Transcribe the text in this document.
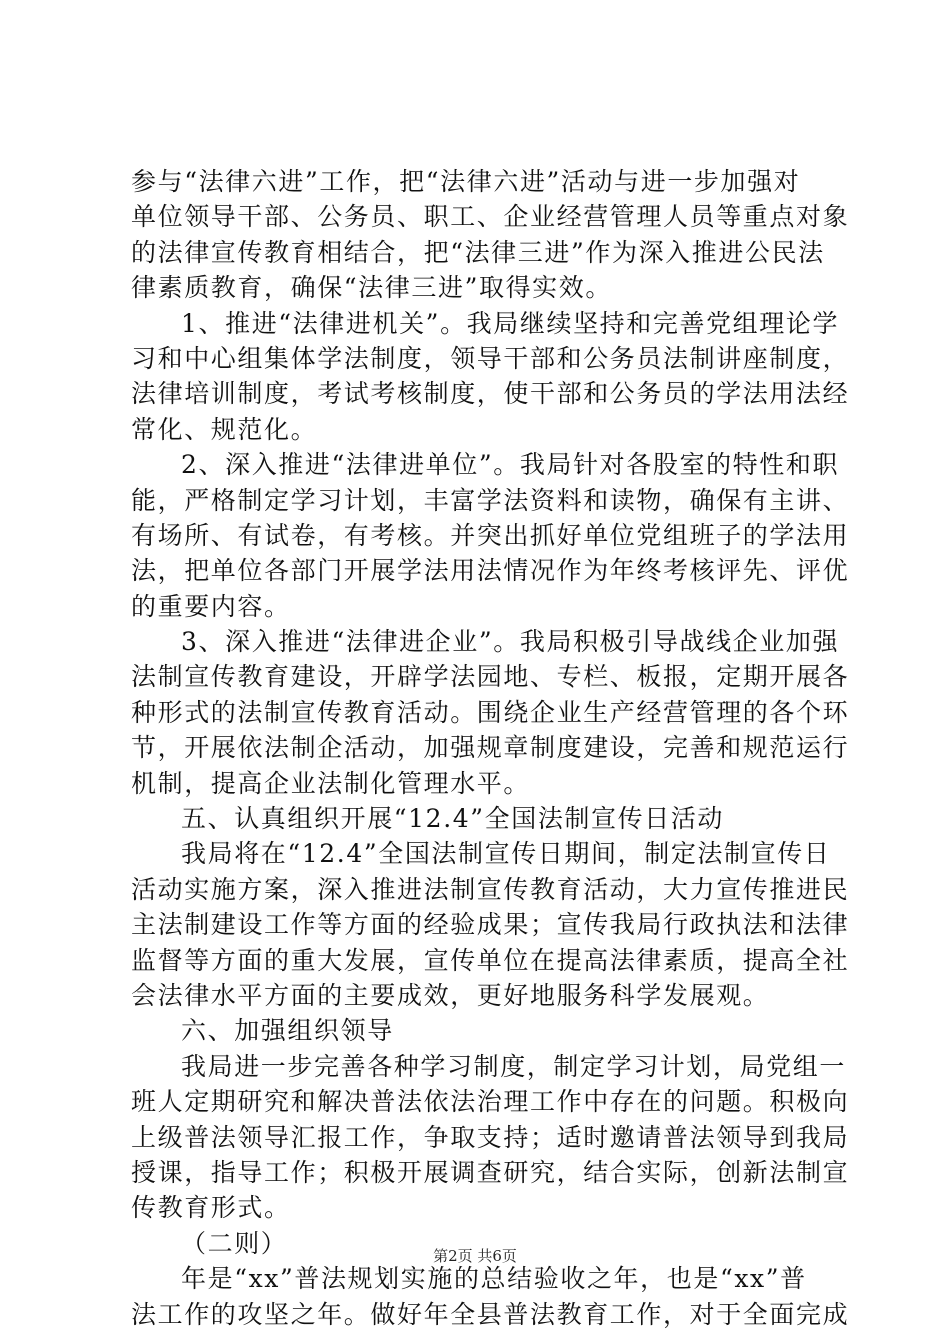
参与“法律六进”工作，把“法律六进”活动与进一步加强对
单位领导干部、公务员、职工、企业经营管理人员等重点对象
的法律宣传教育相结合，把“法律三进”作为深入推进公民法
律素质教育，确保“法律三进”取得实效。
1、推进“法律进机关”。我局继续坚持和完善党组理论学
习和中心组集体学法制度，领导干部和公务员法制讲座制度，
法律培训制度，考试考核制度，使干部和公务员的学法用法经
常化、规范化。
2、深入推进“法律进单位”。我局针对各股室的特性和职
能，严格制定学习计划，丰富学法资料和读物，确保有主讲、
有场所、有试卷，有考核。并突出抓好单位党组班子的学法用
法，把单位各部门开展学法用法情况作为年终考核评先、评优
的重要内容。
3、深入推进“法律进企业”。我局积极引导战线企业加强
法制宣传教育建设，开辟学法园地、专栏、板报，定期开展各
种形式的法制宣传教育活动。围绕企业生产经营管理的各个环
节，开展依法制企活动，加强规章制度建设，完善和规范运行
机制，提高企业法制化管理水平。
五、认真组织开展“12.4”全国法制宣传日活动
我局将在“12.4”全国法制宣传日期间，制定法制宣传日
活动实施方案，深入推进法制宣传教育活动，大力宣传推进民
主法制建设工作等方面的经验成果；宣传我局行政执法和法律
监督等方面的重大发展，宣传单位在提高法律素质，提高全社
会法律水平方面的主要成效，更好地服务科学发展观。
六、加强组织领导
我局进一步完善各种学习制度，制定学习计划，局党组一
班人定期研究和解决普法依法治理工作中存在的问题。积极向
上级普法领导汇报工作，争取支持；适时邀请普法领导到我局
授课，指导工作；积极开展调查研究，结合实际，创新法制宣
传教育形式。
（二则）
年是“xx”普法规划实施的总结验收之年，也是“xx”普
法工作的攻坚之年。做好年全县普法教育工作，对于全面完成
第2页 共6页
